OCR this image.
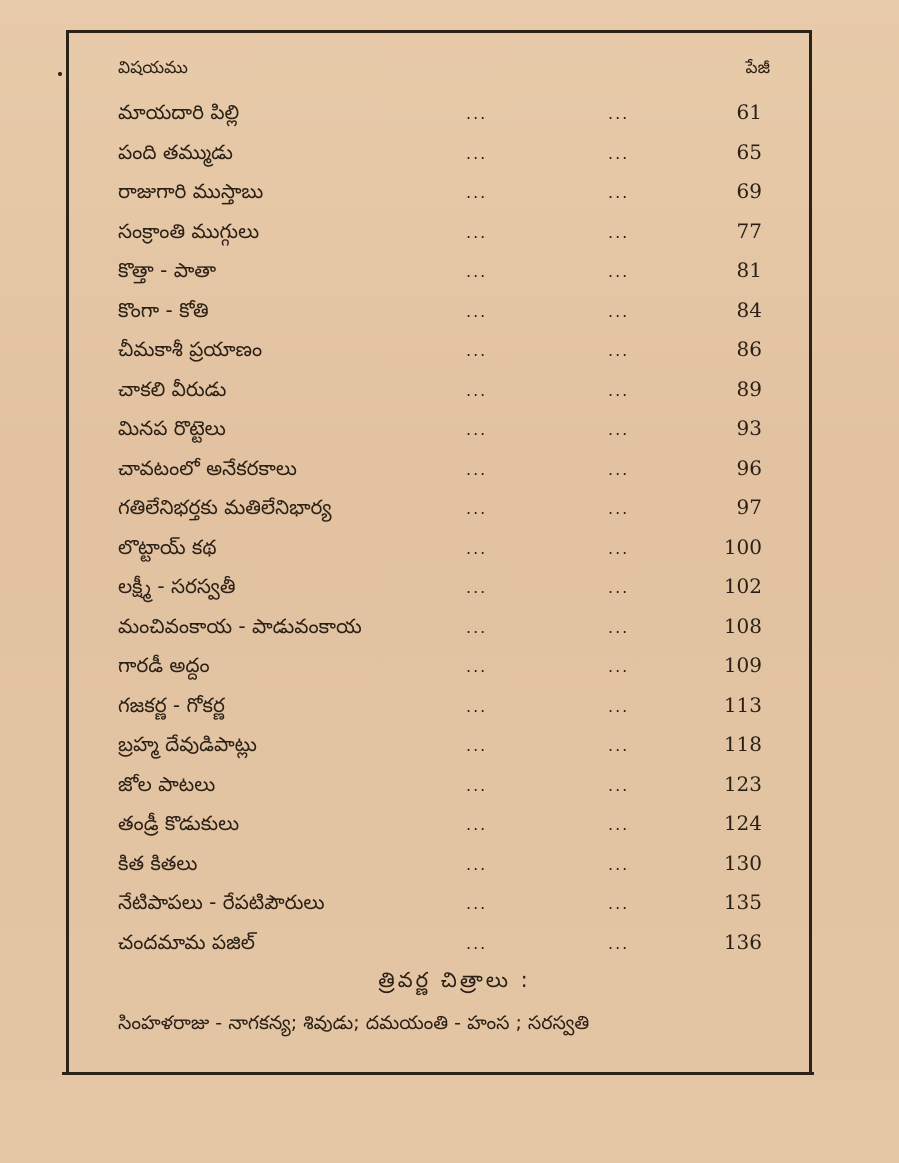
విషయము	పేజీ
మాయదారి పిల్లి	...	...	61
పంది తమ్ముడు	...	...	65
రాజుగారి ముస్తాబు	...	...	69
సంక్రాంతి ముగ్గులు	...	...	77
కొత్తా - పాతా	...	...	81
కొంగా - కోతి	...	...	84
చీమకాశీ ప్రయాణం	...	...	86
చాకలి వీరుడు	...	...	89
మినప రొట్టెలు	...	...	93
చావటంలో అనేకరకాలు	...	...	96
గతిలేనిభర్తకు మతిలేనిభార్య	...	...	97
లొట్టాయ్ కథ	...	...	100
లక్ష్మీ - సరస్వతీ	...	...	102
మంచివంకాయ - పాడువంకాయ	...	...	108
గారడీ అద్దం	...	...	109
గజకర్ణ - గోకర్ణ	...	...	113
బ్రహ్మ దేవుడిపాట్లు	...	...	118
జోల పాటలు	...	...	123
తండ్రీ కొడుకులు	...	...	124
కిత కితలు	...	...	130
నేటిపాపలు - రేపటిపౌరులు	...	...	135
చందమామ పజిల్	...	...	136
త్రివర్ణ చిత్రాలు :
సింహళరాజు - నాగకన్య; శివుడు; దమయంతి - హంస ; సరస్వతి
